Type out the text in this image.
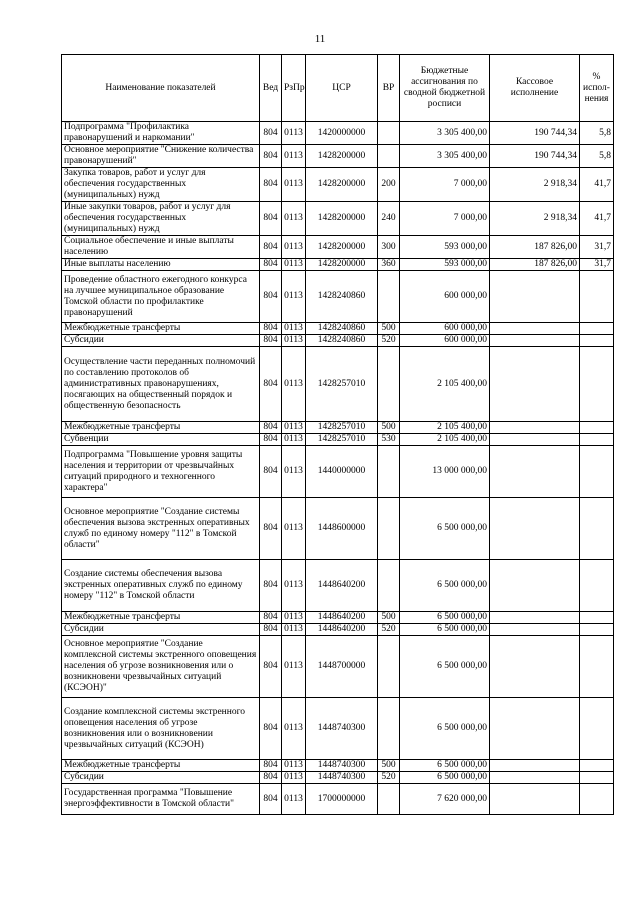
11
Наименование показателей	Вед	РзПр	ЦСР	ВР	Бюджетные ассигнования по сводной бюджетной росписи	Кассовое исполнение	% испол-нения
Подпрограмма "Профилактика правонарушений и наркомании"	804	0113	1420000000		3 305 400,00	190 744,34	5,8
Основное мероприятие "Снижение количества правонарушений"	804	0113	1428200000		3 305 400,00	190 744,34	5,8
Закупка товаров, работ и услуг для обеспечения государственных (муниципальных) нужд	804	0113	1428200000	200	7 000,00	2 918,34	41,7
Иные закупки товаров, работ и услуг для обеспечения государственных (муниципальных) нужд	804	0113	1428200000	240	7 000,00	2 918,34	41,7
Социальное обеспечение и иные выплаты населению	804	0113	1428200000	300	593 000,00	187 826,00	31,7
Иные выплаты населению	804	0113	1428200000	360	593 000,00	187 826,00	31,7
Проведение областного ежегодного конкурса на лучшее муниципальное образование Томской области по профилактике правонарушений	804	0113	1428240860		600 000,00		
Межбюджетные трансферты	804	0113	1428240860	500	600 000,00		
Субсидии	804	0113	1428240860	520	600 000,00		
Осуществление части переданных полномочий по составлению протоколов об административных правонарушениях, посягающих на общественный порядок и общественную безопасность	804	0113	1428257010		2 105 400,00		
Межбюджетные трансферты	804	0113	1428257010	500	2 105 400,00		
Субвенции	804	0113	1428257010	530	2 105 400,00		
Подпрограмма "Повышение уровня защиты населения и территории от чрезвычайных ситуаций природного и техногенного характера"	804	0113	1440000000		13 000 000,00		
Основное мероприятие "Создание системы обеспечения вызова экстренных оперативных служб по единому номеру "112" в Томской области"	804	0113	1448600000		6 500 000,00		
Создание системы обеспечения вызова экстренных оперативных служб по единому номеру "112" в Томской области	804	0113	1448640200		6 500 000,00		
Межбюджетные трансферты	804	0113	1448640200	500	6 500 000,00		
Субсидии	804	0113	1448640200	520	6 500 000,00		
Основное мероприятие "Создание комплексной системы экстренного оповещения населения об угрозе возникновения или о возникновени чрезвычайных ситуаций (КСЭОН)"	804	0113	1448700000		6 500 000,00		
Создание комплексной системы экстренного оповещения населения об угрозе возникновения или о возникновении чрезвычайных ситуаций (КСЭОН)	804	0113	1448740300		6 500 000,00		
Межбюджетные трансферты	804	0113	1448740300	500	6 500 000,00		
Субсидии	804	0113	1448740300	520	6 500 000,00		
Государственная программа "Повышение энергоэффективности в Томской области"	804	0113	1700000000		7 620 000,00		
